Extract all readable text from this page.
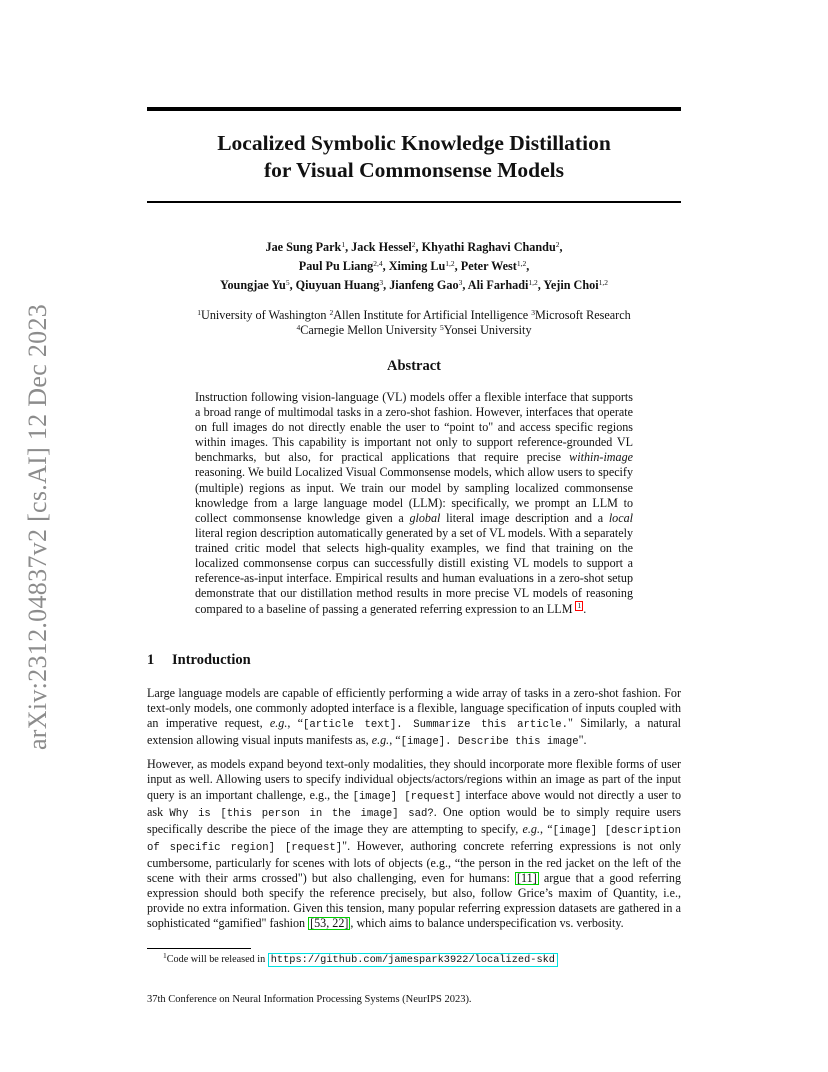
arXiv:2312.04837v2 [cs.AI] 12 Dec 2023
Localized Symbolic Knowledge Distillation
for Visual Commonsense Models
Jae Sung Park$^1$, Jack Hessel$^2$, Khyathi Raghavi Chandu$^2$,
Paul Pu Liang$^{2,4}$, Ximing Lu$^{1,2}$, Peter West$^{1,2}$,
Youngjae Yu$^5$, Qiuyuan Huang$^3$, Jianfeng Gao$^3$, Ali Farhadi$^{1,2}$, Yejin Choi$^{1,2}$
$^1$University of Washington $^2$Allen Institute for Artificial Intelligence $^3$Microsoft Research
$^4$Carnegie Mellon University $^5$Yonsei University
Abstract

Instruction following vision-language (VL) models offer a flexible interface that supports a broad range of multimodal tasks in a zero-shot fashion. However, interfaces that operate on full images do not directly enable the user to “point to" and access specific regions within images. This capability is important not only to support reference-grounded VL benchmarks, but also, for practical applications that require precise within-image reasoning. We build Localized Visual Commonsense models, which allow users to specify (multiple) regions as input. We train our model by sampling localized commonsense knowledge from a large language model (LLM): specifically, we prompt an LLM to collect commonsense knowledge given a global literal image description and a local literal region description automatically generated by a set of VL models. With a separately trained critic model that selects high-quality examples, we find that training on the localized commonsense corpus can successfully distill existing VL models to support a reference-as-input interface. Empirical results and human evaluations in a zero-shot setup demonstrate that our distillation method results in more precise VL models of reasoning compared to a baseline of passing a generated referring expression to an LLM 1 .

1 Introduction

Large language models are capable of efficiently performing a wide array of tasks in a zero-shot fashion. For text-only models, one commonly adopted interface is a flexible, language specification of inputs coupled with an imperative request, e.g., “[article text]. Summarize this article." Similarly, a natural extension allowing visual inputs manifests as, e.g., “[image]. Describe this image".

However, as models expand beyond text-only modalities, they should incorporate more flexible forms of user input as well. Allowing users to specify individual objects/actors/regions within an image as part of the input query is an important challenge, e.g., the [image] [request] interface above would not directly a user to ask Why is [this person in the image] sad?. One option would be to simply require users specifically describe the piece of the image they are attempting to specify, e.g., “[image] [description of specific region] [request]". However, authoring concrete referring expressions is not only cumbersome, particularly for scenes with lots of objects (e.g., “the person in the red jacket on the left of the scene with their arms crossed") but also challenging, even for humans: [11] argue that a good referring expression should both specify the reference precisely, but also, follow Grice’s maxim of Quantity, i.e., provide no extra information. Given this tension, many popular referring expression datasets are gathered in a sophisticated “gamified" fashion [53, 22] , which aims to balance underspecification vs. verbosity.

$^1$Code will be released in https://github.com/jamespark3922/localized-skd
37th Conference on Neural Information Processing Systems (NeurIPS 2023).
